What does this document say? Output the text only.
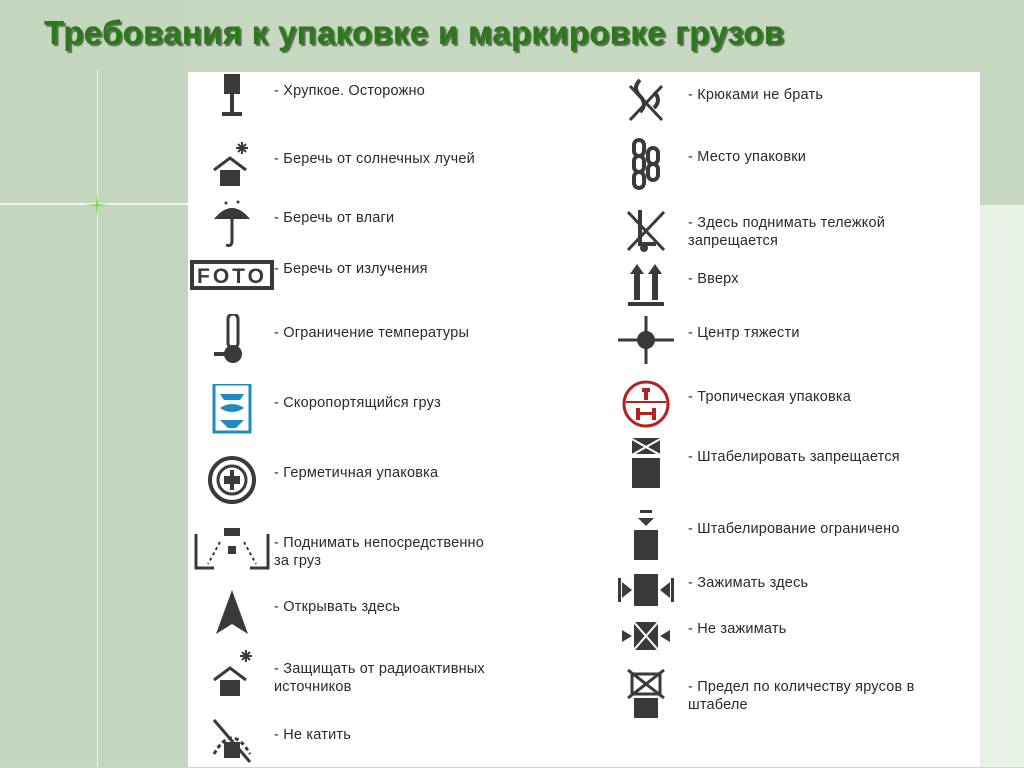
Требования к упаковке и маркировке грузов
- Хрупкое. Осторожно
- Беречь от солнечных лучей
- Беречь от влаги
FOTO - Беречь от излучения
- Ограничение температуры
- Скоропортящийся груз
- Герметичная упаковка
- Поднимать непосредственно
за груз
- Открывать здесь
- Защищать от радиоактивных
источников
- Не катить
- Крюками не брать
- Место упаковки
- Здесь поднимать тележкой
запрещается
- Вверх
- Центр тяжести
- Тропическая упаковка
- Штабелировать запрещается
- Штабелирование ограничено
- Зажимать здесь
- Не зажимать
- Предел по количеству ярусов в
штабеле
